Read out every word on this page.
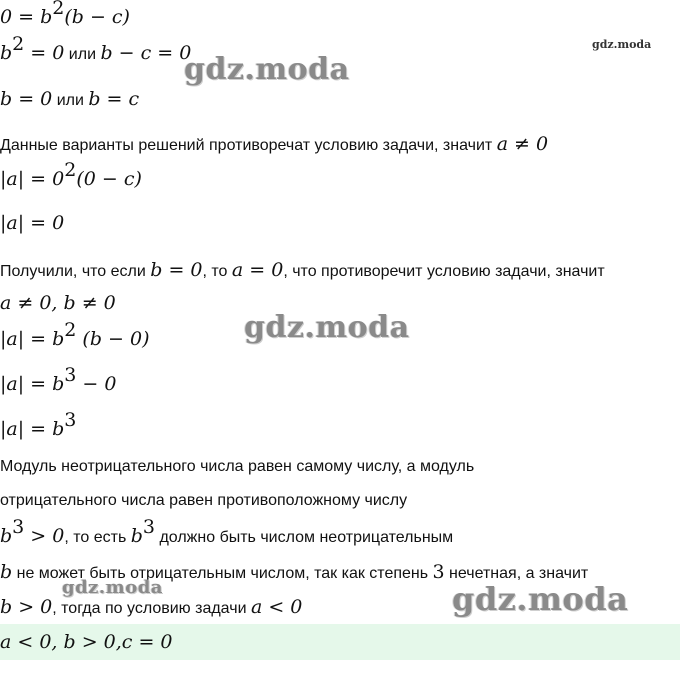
$0 = b^2(b - c)$
$b^2 = 0$ или b − c = 0
b = 0 или b = c
Данные варианты решений противоречат условию задачи, значит a ≠ 0
$|a| = 0^2(0 - c)$
|a| = 0
Получили, что если b = 0, то a = 0, что противоречит условию задачи, значит
a ≠ 0, b ≠ 0
$|a| = b^2$ (b − 0)
$|a| = b^3 - 0$
$|a| = b^3$
Модуль неотрицательного числа равен самому числу, а модуль
отрицательного числа равен противоположному числу
$b^3 > 0$, то есть $b^3$ должно быть числом неотрицательным
b не может быть отрицательным числом, так как степень 3 нечетная, а значит
b > 0, тогда по условию задачи a < 0
a < 0, b > 0,c = 0
gdz.moda
gdz.moda
gdz.moda
gdz.moda	gdz.moda
